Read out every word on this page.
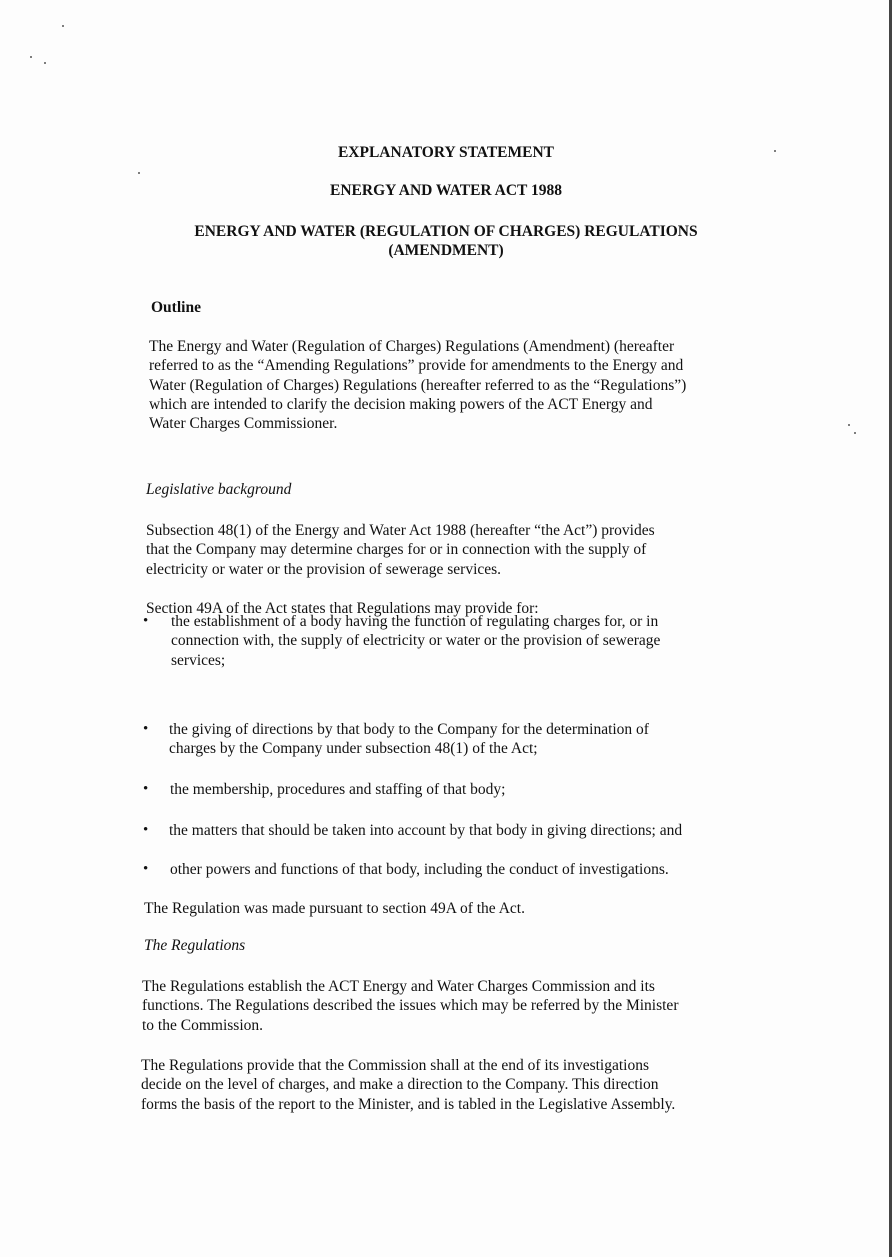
EXPLANATORY STATEMENT
ENERGY AND WATER ACT 1988
ENERGY AND WATER (REGULATION OF CHARGES) REGULATIONS
(AMENDMENT)
Outline
The Energy and Water (Regulation of Charges) Regulations (Amendment) (hereafter
referred to as the “Amending Regulations” provide for amendments to the Energy and
Water (Regulation of Charges) Regulations (hereafter referred to as the “Regulations”)
which are intended to clarify the decision making powers of the ACT Energy and
Water Charges Commissioner.
Legislative background
Subsection 48(1) of the Energy and Water Act 1988 (hereafter “the Act”) provides
that the Company may determine charges for or in connection with the supply of
electricity or water or the provision of sewerage services.
Section 49A of the Act states that Regulations may provide for:
• the establishment of a body having the function of regulating charges for, or in
connection with, the supply of electricity or water or the provision of sewerage
services;
• the giving of directions by that body to the Company for the determination of
charges by the Company under subsection 48(1) of the Act;
• the membership, procedures and staffing of that body;
• the matters that should be taken into account by that body in giving directions; and
• other powers and functions of that body, including the conduct of investigations.
The Regulation was made pursuant to section 49A of the Act.
The Regulations
The Regulations establish the ACT Energy and Water Charges Commission and its
functions. The Regulations described the issues which may be referred by the Minister
to the Commission.
The Regulations provide that the Commission shall at the end of its investigations
decide on the level of charges, and make a direction to the Company. This direction
forms the basis of the report to the Minister, and is tabled in the Legislative Assembly.
